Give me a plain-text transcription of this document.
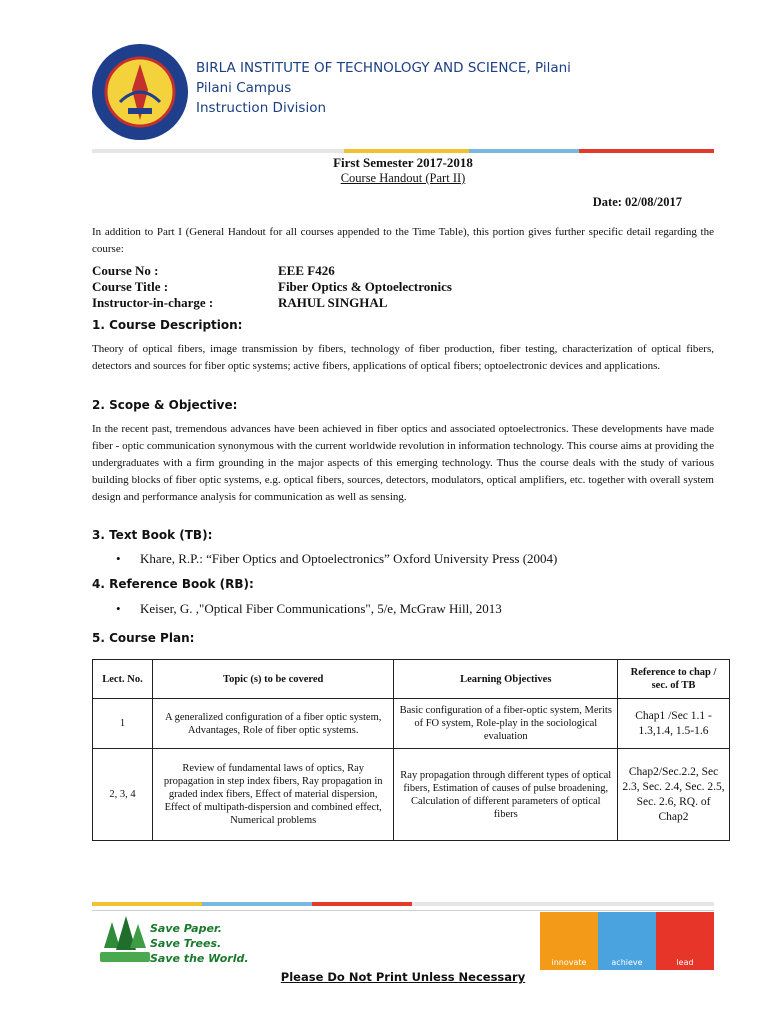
BIRLA INSTITUTE OF TECHNOLOGY AND SCIENCE, Pilani
Pilani Campus
Instruction Division
First Semester 2017-2018
Course Handout (Part II)
Date: 02/08/2017
In addition to Part I (General Handout for all courses appended to the Time Table), this portion gives further specific detail regarding the course:
Course No :	EEE F426
Course Title :	Fiber Optics & Optoelectronics
Instructor-in-charge :	RAHUL SINGHAL
1. Course Description:
Theory of optical fibers, image transmission by fibers, technology of fiber production, fiber testing, characterization of optical fibers, detectors and sources for fiber optic systems; active fibers, applications of optical fibers; optoelectronic devices and applications.
2. Scope & Objective:
In the recent past, tremendous advances have been achieved in fiber optics and associated optoelectronics. These developments have made fiber - optic communication synonymous with the current worldwide revolution in information technology. This course aims at providing the undergraduates with a firm grounding in the major aspects of this emerging technology. Thus the course deals with the study of various building blocks of fiber optic systems, e.g. optical fibers, sources, detectors, modulators, optical amplifiers, etc. together with overall system design and performance analysis for communication as well as sensing.
3. Text Book (TB):
• Khare, R.P.: “Fiber Optics and Optoelectronics” Oxford University Press (2004)
4. Reference Book (RB):
• Keiser, G. ,"Optical Fiber Communications", 5/e, McGraw Hill, 2013
5. Course Plan:
Lect. No.	Topic (s) to be covered	Learning Objectives	Reference to chap / sec. of TB
1	A generalized configuration of a fiber optic system, Advantages, Role of fiber optic systems.	Basic configuration of a fiber-optic system, Merits of FO system, Role-play in the sociological evaluation	Chap1 /Sec 1.1 - 1.3,1.4, 1.5-1.6
2, 3, 4	Review of fundamental laws of optics, Ray propagation in step index fibers, Ray propagation in graded index fibers, Effect of material dispersion, Effect of multipath-dispersion and combined effect, Numerical problems	Ray propagation through different types of optical fibers, Estimation of causes of pulse broadening, Calculation of different parameters of optical fibers	Chap2/Sec.2.2, Sec 2.3, Sec. 2.4, Sec. 2.5, Sec. 2.6, RQ. of Chap2
Save Paper.
Save Trees.
Save the World.	innovate	achieve	lead
Please Do Not Print Unless Necessary
